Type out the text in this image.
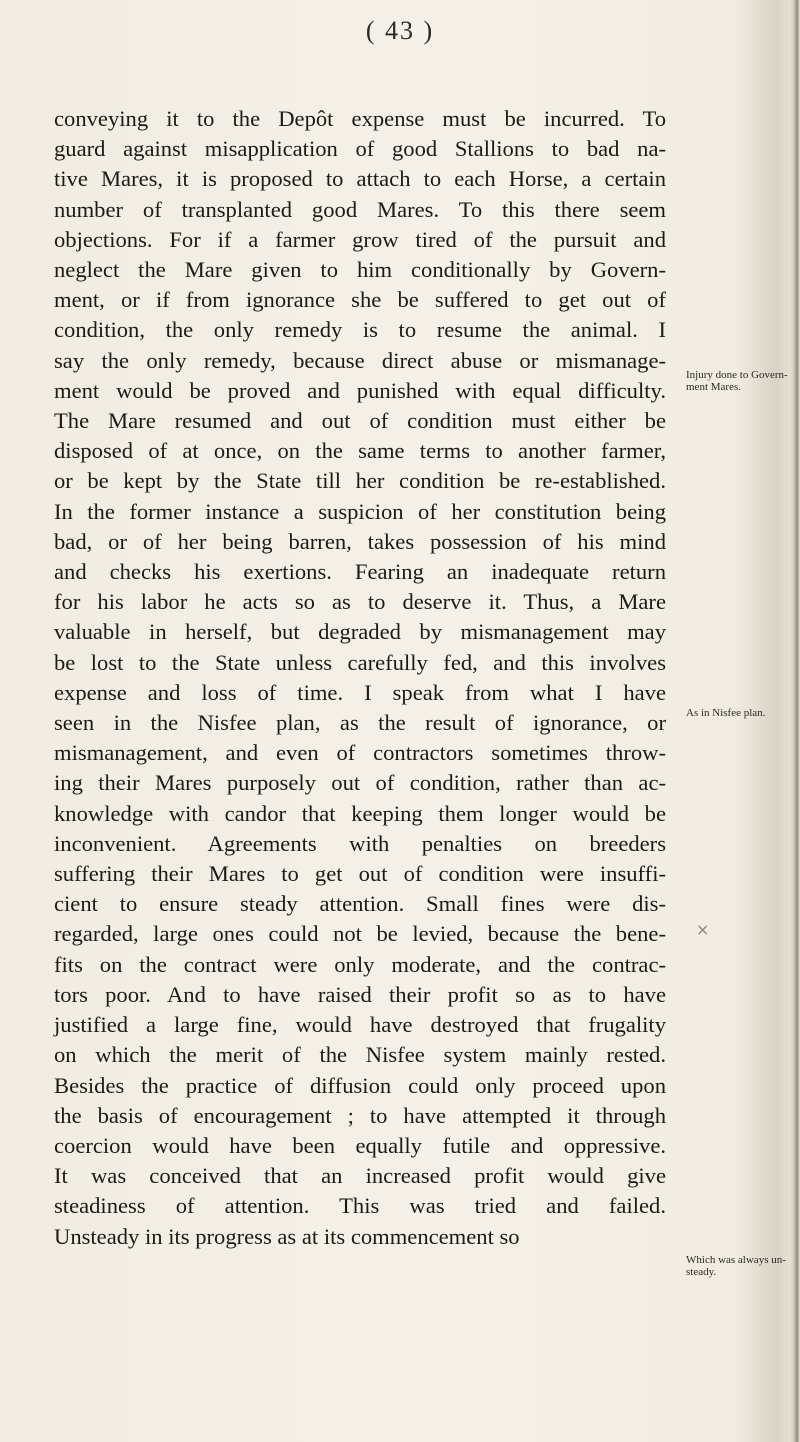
( 43 )
conveying it to the Depôt expense must be incurred. To
guard against misapplication of good Stallions to bad na-
tive Mares, it is proposed to attach to each Horse, a certain
number of transplanted good Mares. To this there seem
objections. For if a farmer grow tired of the pursuit and
neglect the Mare given to him conditionally by Govern-
ment, or if from ignorance she be suffered to get out of
condition, the only remedy is to resume the animal. I
say the only remedy, because direct abuse or mismanage-
ment would be proved and punished with equal difficulty.
The Mare resumed and out of condition must either be
disposed of at once, on the same terms to another farmer,
or be kept by the State till her condition be re-established.
In the former instance a suspicion of her constitution being
bad, or of her being barren, takes possession of his mind
and checks his exertions. Fearing an inadequate return
for his labor he acts so as to deserve it. Thus, a Mare
valuable in herself, but degraded by mismanagement may
be lost to the State unless carefully fed, and this involves
expense and loss of time. I speak from what I have
seen in the Nisfee plan, as the result of ignorance, or
mismanagement, and even of contractors sometimes throw-
ing their Mares purposely out of condition, rather than ac-
knowledge with candor that keeping them longer would be
inconvenient. Agreements with penalties on breeders
suffering their Mares to get out of condition were insuffi-
cient to ensure steady attention. Small fines were dis-
regarded, large ones could not be levied, because the bene-
fits on the contract were only moderate, and the contrac-
tors poor. And to have raised their profit so as to have
justified a large fine, would have destroyed that frugality
on which the merit of the Nisfee system mainly rested.
Besides the practice of diffusion could only proceed upon
the basis of encouragement ; to have attempted it through
coercion would have been equally futile and oppressive.
It was conceived that an increased profit would give
steadiness of attention. This was tried and failed.
Unsteady in its progress as at its commencement so
Injury done to Govern-
ment Mares.
As in Nisfee plan.
Which was always un-
steady.
⨯
